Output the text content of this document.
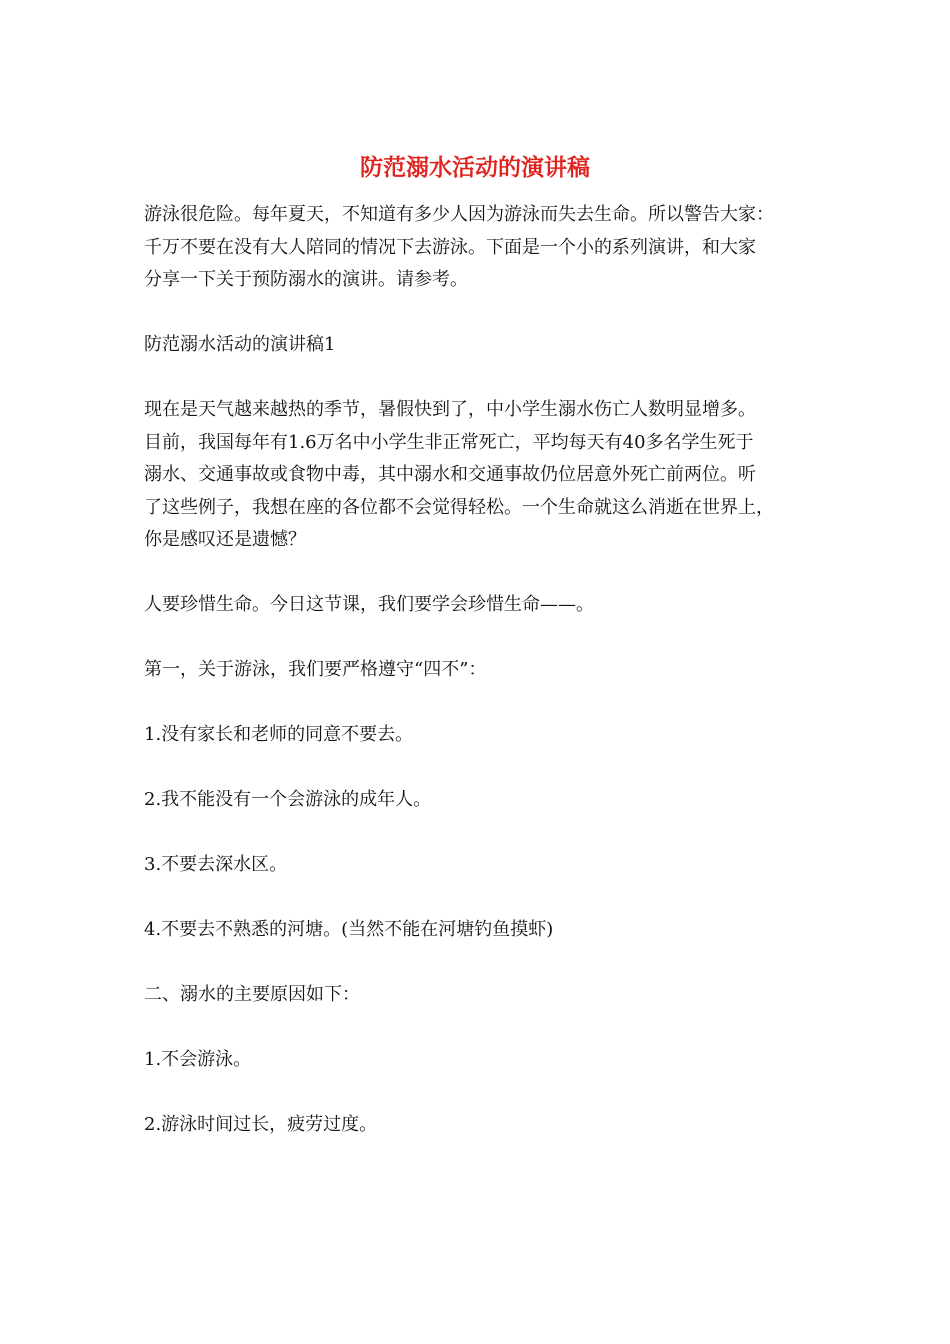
防范溺水活动的演讲稿

游泳很危险。每年夏天，不知道有多少人因为游泳而失去生命。所以警告大家：
千万不要在没有大人陪同的情况下去游泳。下面是一个小的系列演讲，和大家
分享一下关于预防溺水的演讲。请参考。

防范溺水活动的演讲稿1

现在是天气越来越热的季节，暑假快到了，中小学生溺水伤亡人数明显增多。
目前，我国每年有1.6万名中小学生非正常死亡，平均每天有40多名学生死于
溺水、交通事故或食物中毒，其中溺水和交通事故仍位居意外死亡前两位。听
了这些例子，我想在座的各位都不会觉得轻松。一个生命就这么消逝在世界上，
你是感叹还是遗憾？

人要珍惜生命。今日这节课，我们要学会珍惜生命——。

第一，关于游泳，我们要严格遵守“四不”：

1.没有家长和老师的同意不要去。

2.我不能没有一个会游泳的成年人。

3.不要去深水区。

4.不要去不熟悉的河塘。(当然不能在河塘钓鱼摸虾)

二、溺水的主要原因如下：

1.不会游泳。

2.游泳时间过长，疲劳过度。
